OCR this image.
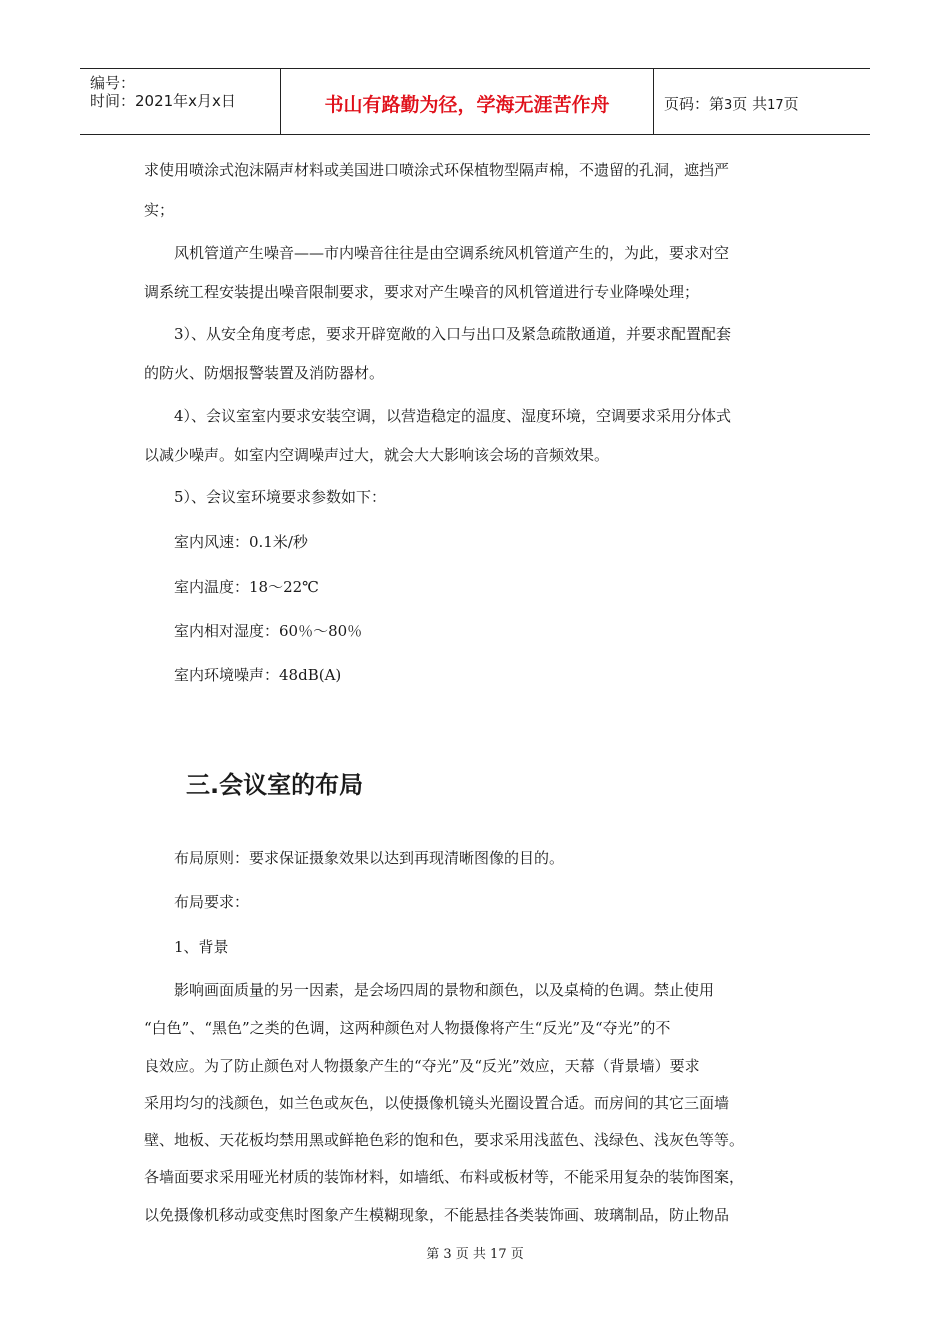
编号：
时间：2021年x月x日	书山有路勤为径，学海无涯苦作舟	页码：第3页 共17页
求使用喷涂式泡沫隔声材料或美国进口喷涂式环保植物型隔声棉，不遗留的孔洞，遮挡严
实；
　　风机管道产生噪音——市内噪音往往是由空调系统风机管道产生的，为此，要求对空
调系统工程安装提出噪音限制要求，要求对产生噪音的风机管道进行专业降噪处理；
　　3）、从安全角度考虑，要求开辟宽敞的入口与出口及紧急疏散通道，并要求配置配套
的防火、防烟报警装置及消防器材。
　　4）、会议室室内要求安装空调，以营造稳定的温度、湿度环境，空调要求采用分体式
以减少噪声。如室内空调噪声过大，就会大大影响该会场的音频效果。
　　5）、会议室环境要求参数如下：
　　室内风速：0.1米/秒
　　室内温度：18～22℃
　　室内相对湿度：60％～80％
　　室内环境噪声：48dB(A)
三.会议室的布局
　　布局原则：要求保证摄象效果以达到再现清晰图像的目的。
　　布局要求：
　　1、背景
　　影响画面质量的另一因素，是会场四周的景物和颜色，以及桌椅的色调。禁止使用
“白色”、“黑色”之类的色调，这两种颜色对人物摄像将产生“反光”及“夺光”的不
良效应。为了防止颜色对人物摄象产生的“夺光”及“反光”效应，天幕（背景墙）要求
采用均匀的浅颜色，如兰色或灰色，以使摄像机镜头光圈设置合适。而房间的其它三面墙
壁、地板、天花板均禁用黑或鲜艳色彩的饱和色，要求采用浅蓝色、浅绿色、浅灰色等等。
各墙面要求采用哑光材质的装饰材料，如墙纸、布料或板材等，不能采用复杂的装饰图案，
以免摄像机移动或变焦时图象产生模糊现象，不能悬挂各类装饰画、玻璃制品，防止物品
第 3 页 共 17 页
